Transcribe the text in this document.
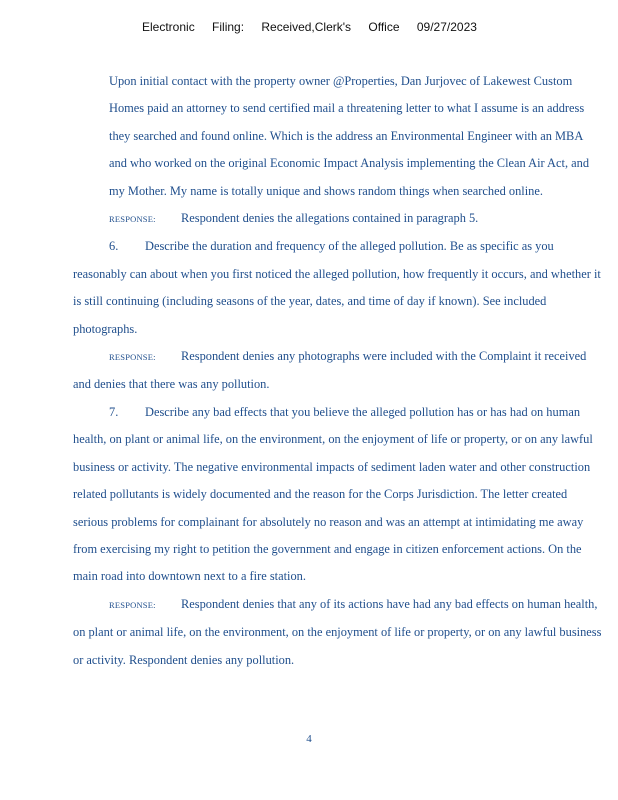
Electronic Filing: Received,Clerk's Office 09/27/2023

Upon initial contact with the property owner @Properties, Dan Jurjovec of Lakewest Custom Homes paid an attorney to send certified mail a threatening letter to what I assume is an address they searched and found online. Which is the address an Environmental Engineer with an MBA and who worked on the original Economic Impact Analysis implementing the Clean Air Act, and my Mother. My name is totally unique and shows random things when searched online.

RESPONSE: Respondent denies the allegations contained in paragraph 5.

6. Describe the duration and frequency of the alleged pollution. Be as specific as you reasonably can about when you first noticed the alleged pollution, how frequently it occurs, and whether it is still continuing (including seasons of the year, dates, and time of day if known). See included photographs.

RESPONSE: Respondent denies any photographs were included with the Complaint it received and denies that there was any pollution.

7. Describe any bad effects that you believe the alleged pollution has or has had on human health, on plant or animal life, on the environment, on the enjoyment of life or property, or on any lawful business or activity. The negative environmental impacts of sediment laden water and other construction related pollutants is widely documented and the reason for the Corps Jurisdiction. The letter created serious problems for complainant for absolutely no reason and was an attempt at intimidating me away from exercising my right to petition the government and engage in citizen enforcement actions. On the main road into downtown next to a fire station.

RESPONSE: Respondent denies that any of its actions have had any bad effects on human health, on plant or animal life, on the environment, on the enjoyment of life or property, or on any lawful business or activity. Respondent denies any pollution.

4
